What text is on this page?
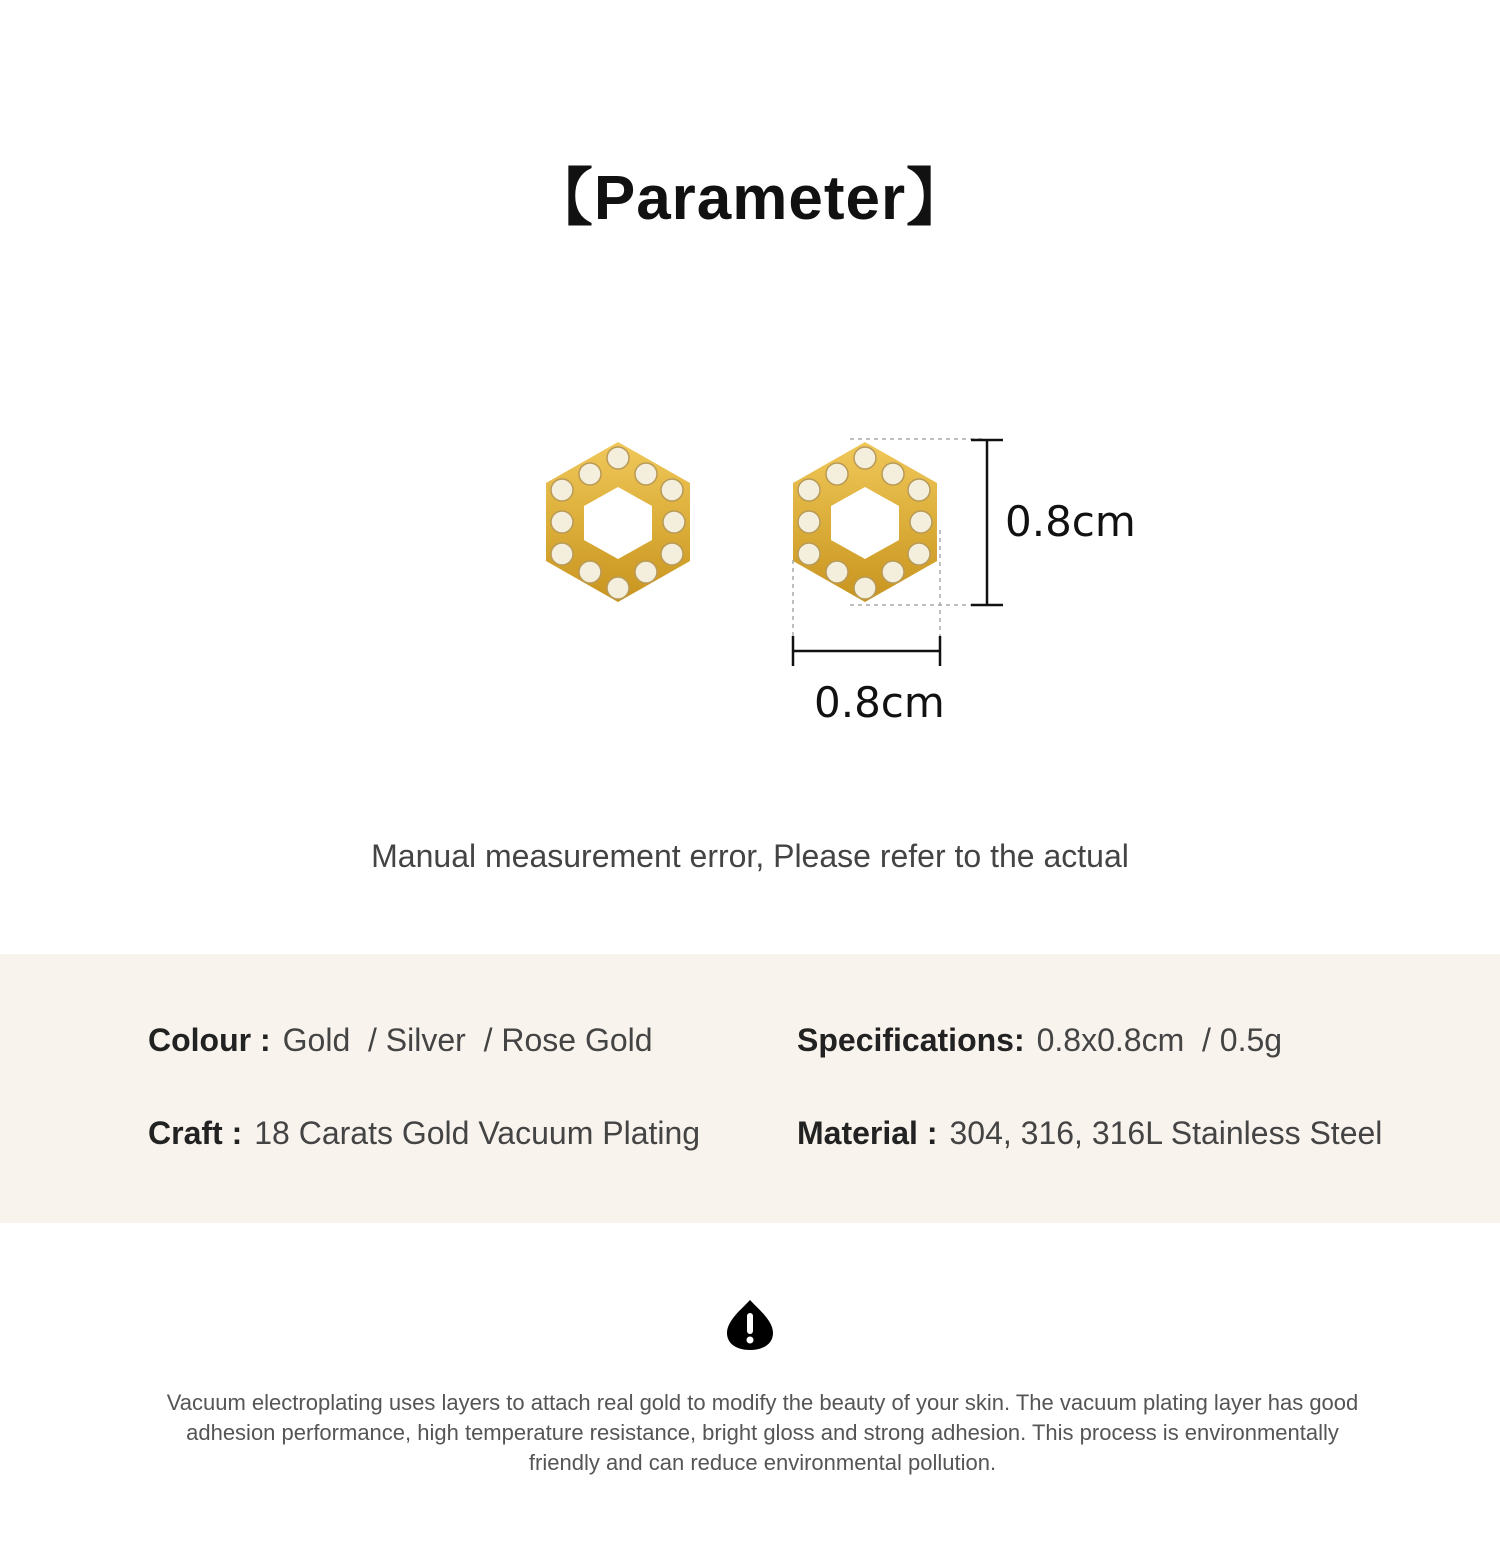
【Parameter】
0.8cm
0.8cm
Manual measurement error, Please refer to the actual
Colour : Gold  / Silver  / Rose Gold	Specifications: 0.8x0.8cm  / 0.5g
Craft : 18 Carats Gold Vacuum Plating	Material : 304, 316, 316L Stainless Steel

Vacuum electroplating uses layers to attach real gold to modify the beauty of your skin. The vacuum plating layer has good adhesion performance, high temperature resistance, bright gloss and strong adhesion. This process is environmentally friendly and can reduce environmental pollution.
